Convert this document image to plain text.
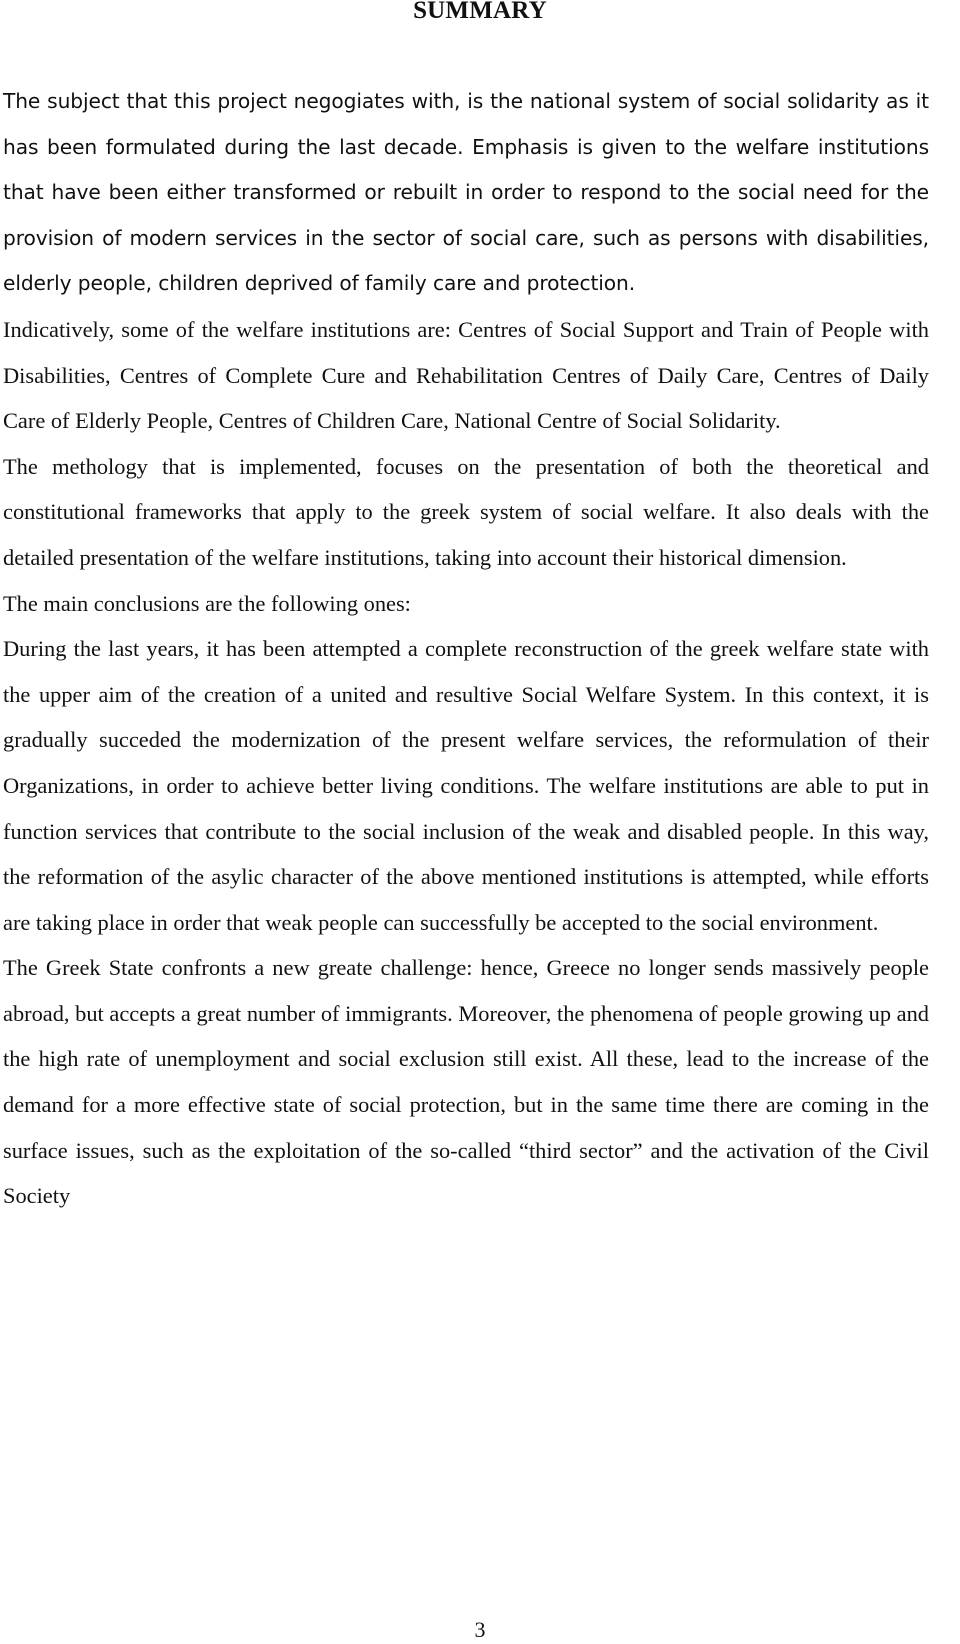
SUMMARY

The subject that this project negogiates with, is the national system of social solidarity as it has been formulated during the last decade. Emphasis is given to the welfare institutions that have been either transformed or rebuilt in order to respond to the social need for the provision of modern services in the sector of social care, such as persons with disabilities, elderly people, children deprived of family care and protection.

Indicatively, some of the welfare institutions are: Centres of Social Support and Train of People with Disabilities, Centres of Complete Cure and Rehabilitation Centres of Daily Care, Centres of Daily Care of Elderly People, Centres of Children Care, National Centre of Social Solidarity.

The methology that is implemented, focuses on the presentation of both the theoretical and constitutional frameworks that apply to the greek system of social welfare. It also deals with the detailed presentation of the welfare institutions, taking into account their historical dimension.

The main conclusions are the following ones:

During the last years, it has been attempted a complete reconstruction of the greek welfare state with the upper aim of the creation of a united and resultive Social Welfare System. In this context, it is gradually succeded the modernization of the present welfare services, the reformulation of their Organizations, in order to achieve better living conditions. The welfare institutions are able to put in function services that contribute to the social inclusion of the weak and disabled people. In this way, the reformation of the asylic character of the above mentioned institutions is attempted, while efforts are taking place in order that weak people can successfully be accepted to the social environment.

The Greek State confronts a new greate challenge: hence, Greece no longer sends massively people abroad, but accepts a great number of immigrants. Moreover, the phenomena of people growing up and the high rate of unemployment and social exclusion still exist. All these, lead to the increase of the demand for a more effective state of social protection, but in the same time there are coming in the surface issues, such as the exploitation of the so-called “third sector” and the activation of the Civil Society

3
